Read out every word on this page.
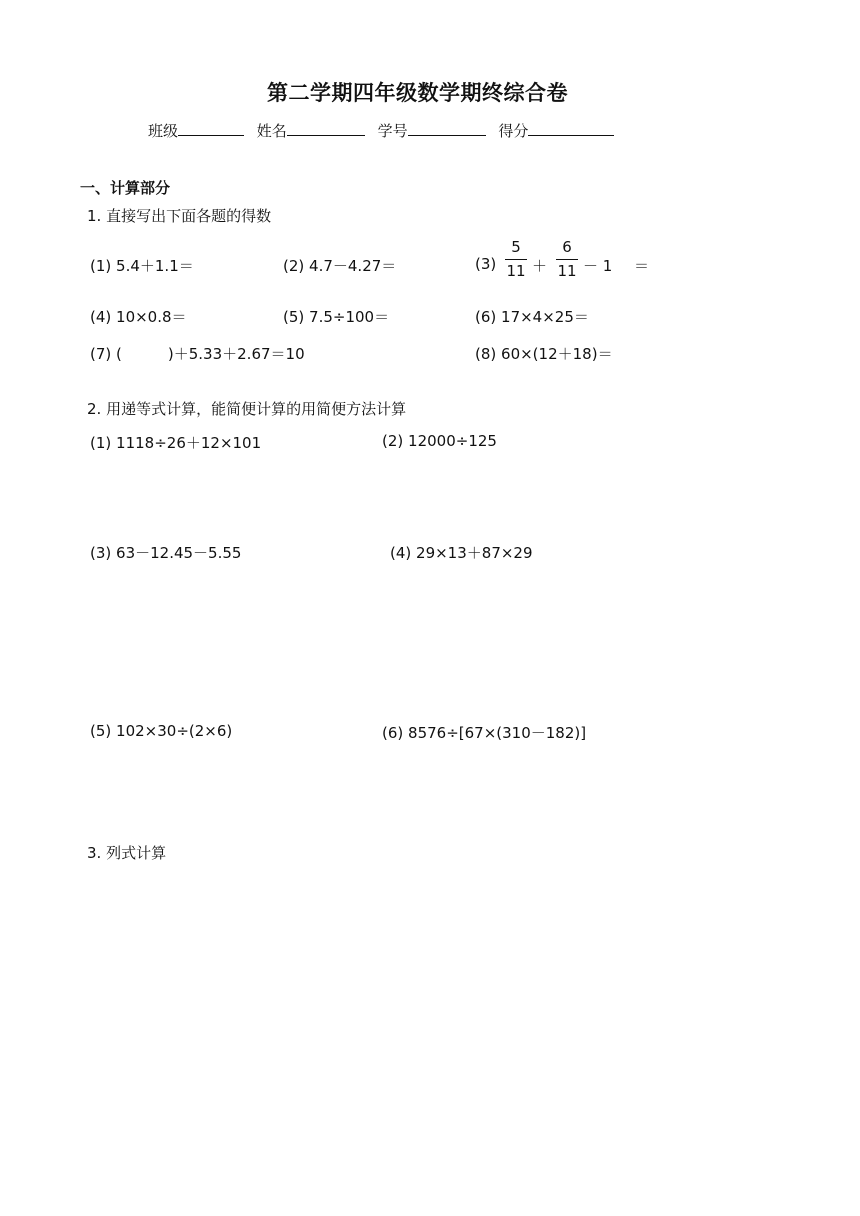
第二学期四年级数学期终综合卷
班级	姓名	学号	得分
一、计算部分
1. 直接写出下面各题的得数
(1) 5.4＋1.1＝	(2) 4.7－4.27＝	(3)
5
11 ＋
6
11 － 1 ＝
(4) 10×0.8＝	(5) 7.5÷100＝	(6) 17×4×25＝
(7) (	)＋5.33＋2.67＝10	(8) 60×(12＋18)＝
2. 用递等式计算，能简便计算的用简便方法计算
(1) 1118÷26＋12×101	(2) 12000÷125
(3) 63－12.45－5.55	(4) 29×13＋87×29
(5) 102×30÷(2×6)	(6) 8576÷[67×(310－182)]
3. 列式计算
